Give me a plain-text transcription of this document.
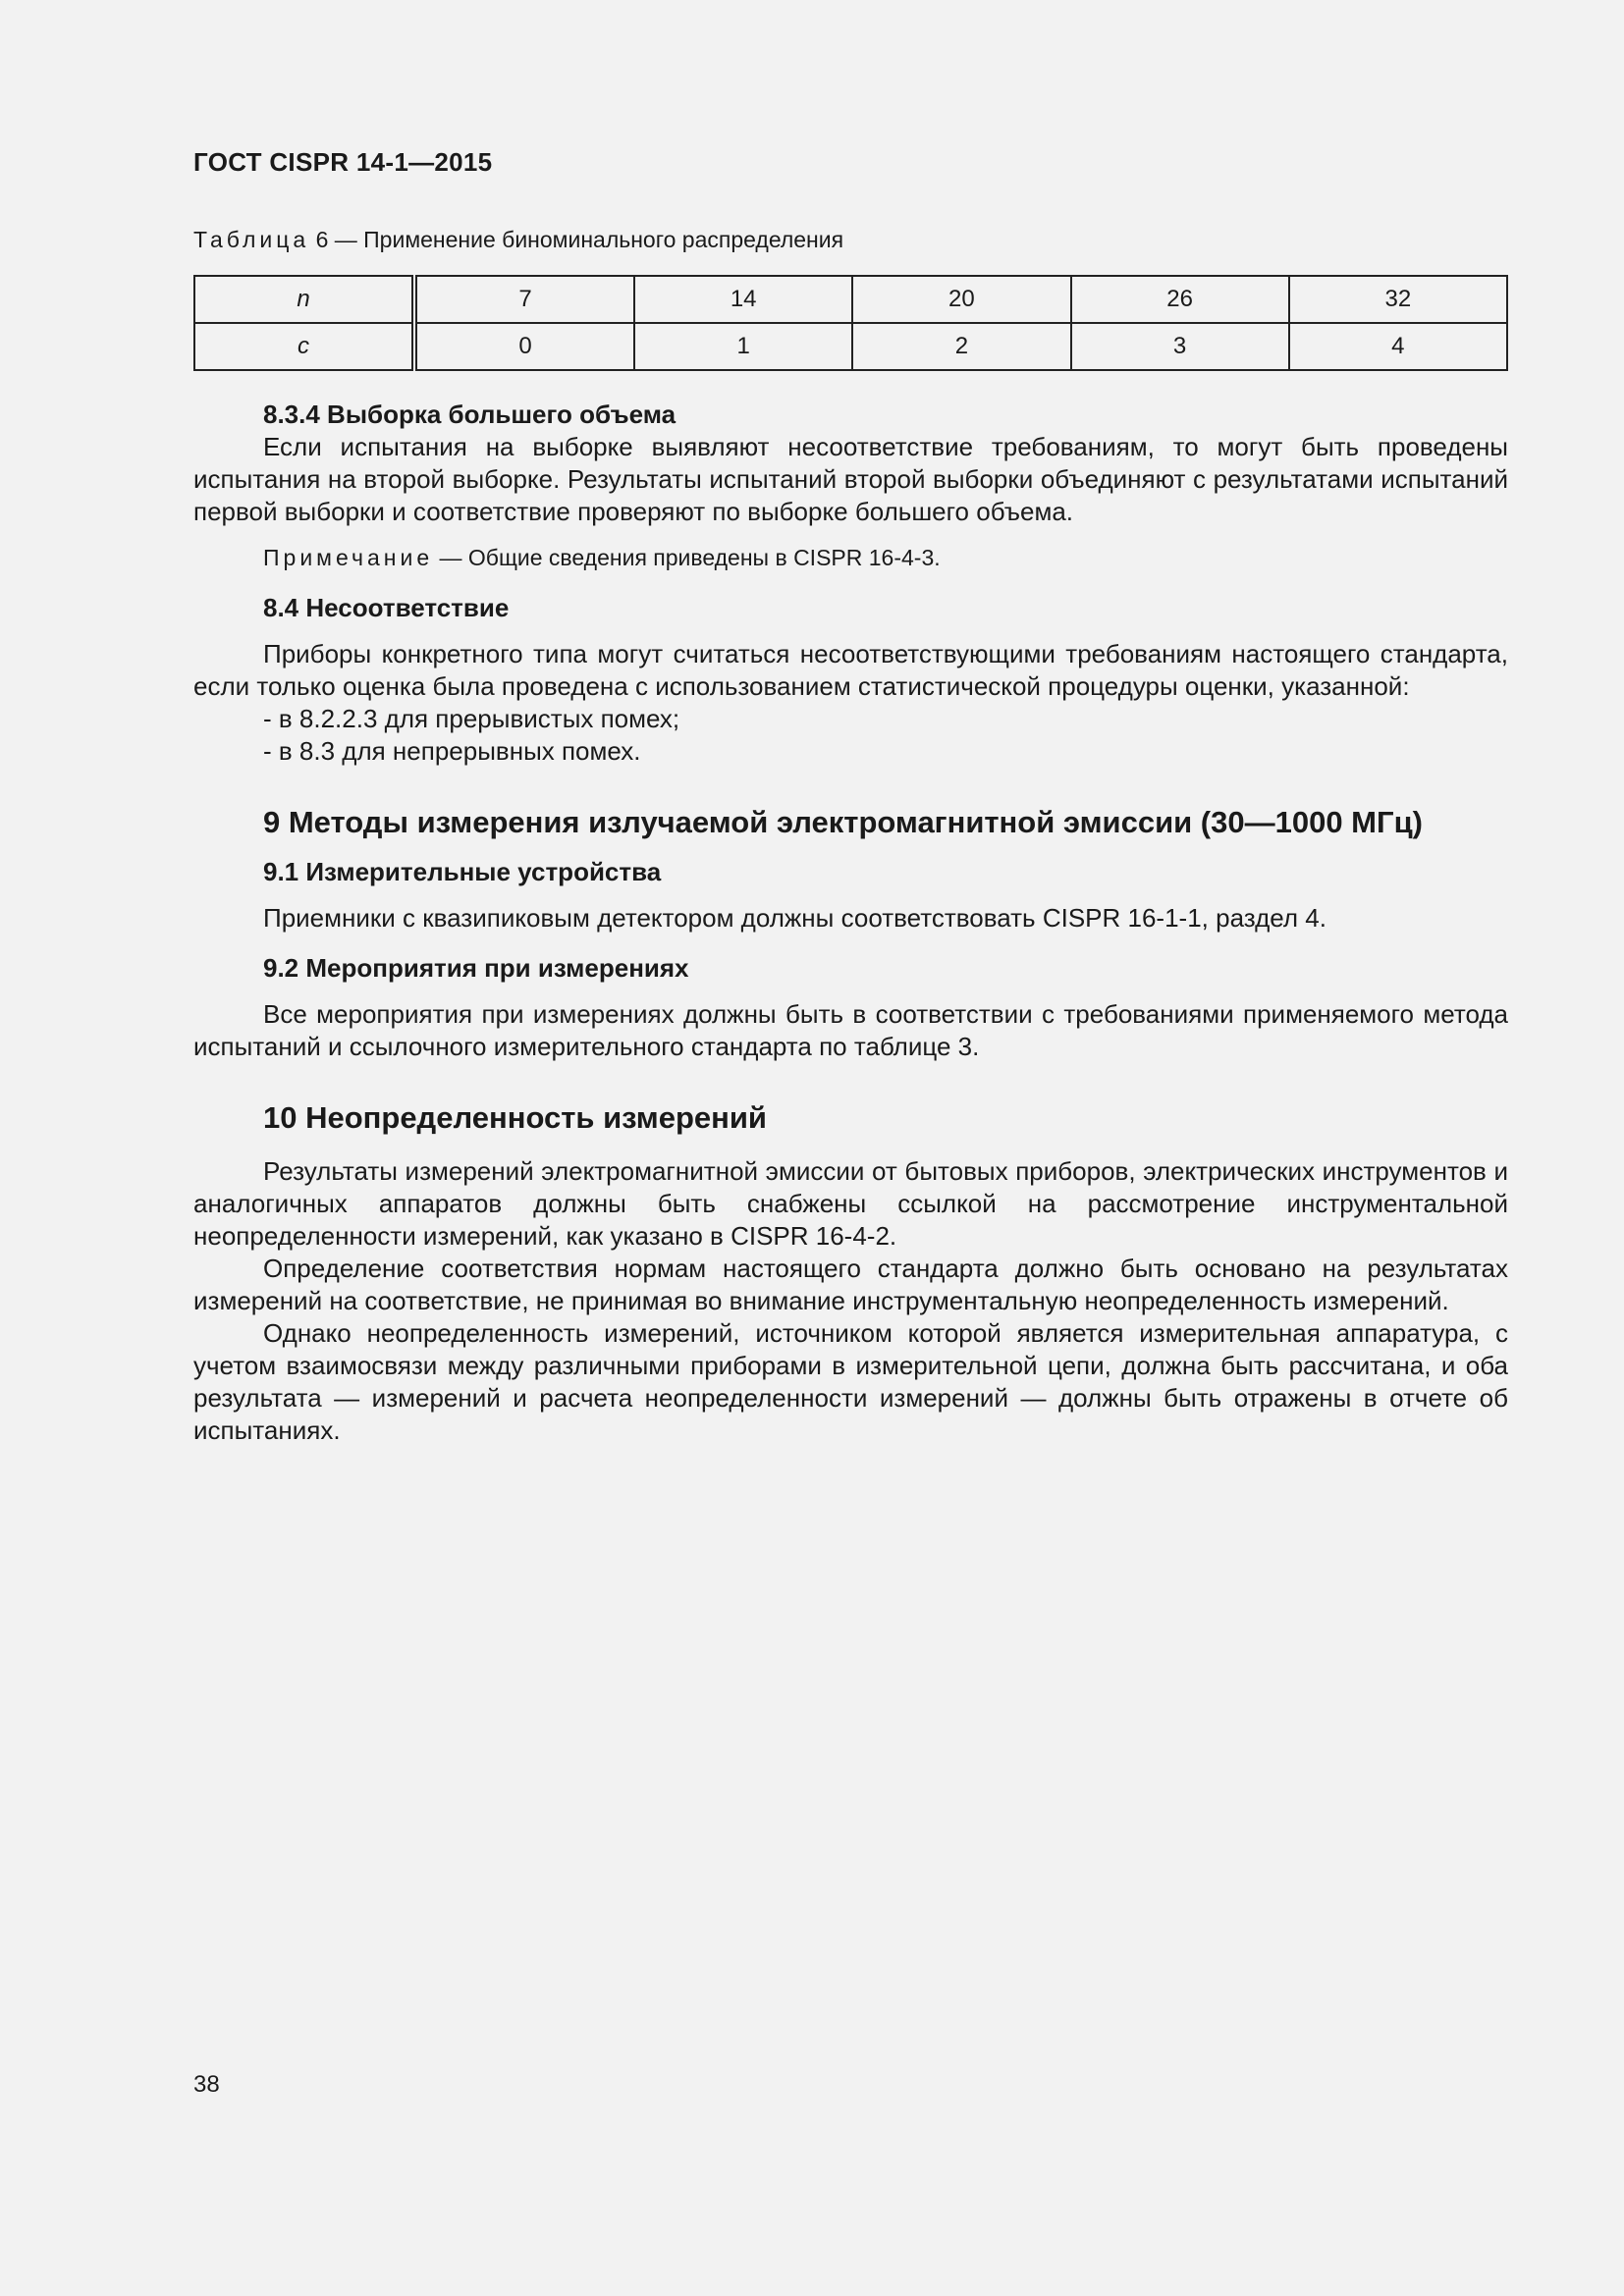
ГОСТ CISPR 14-1—2015
Таблица 6 — Применение биноминального распределения
n	7	14	20	26	32
c	0	1	2	3	4
8.3.4 Выборка большего объема

Если испытания на выборке выявляют несоответствие требованиям, то могут быть проведены испытания на второй выборке. Результаты испытаний второй выборки объединяют с результатами испытаний первой выборки и соответствие проверяют по выборке большего объема.

Примечание — Общие сведения приведены в CISPR 16-4-3.
8.4 Несоответствие

Приборы конкретного типа могут считаться несоответствующими требованиям настоящего стандарта, если только оценка была проведена с использованием статистической процедуры оценки, указанной:

- в 8.2.2.3 для прерывистых помех;
- в 8.3 для непрерывных помех.
9 Методы измерения излучаемой электромагнитной эмиссии (30—1000 МГц)
9.1 Измерительные устройства

Приемники с квазипиковым детектором должны соответствовать CISPR 16-1-1, раздел 4.

9.2 Мероприятия при измерениях

Все мероприятия при измерениях должны быть в соответствии с требованиями применяемого метода испытаний и ссылочного измерительного стандарта по таблице 3.

10 Неопределенность измерений

Результаты измерений электромагнитной эмиссии от бытовых приборов, электрических инструментов и аналогичных аппаратов должны быть снабжены ссылкой на рассмотрение инструментальной неопределенности измерений, как указано в CISPR 16-4-2.

Определение соответствия нормам настоящего стандарта должно быть основано на результатах измерений на соответствие, не принимая во внимание инструментальную неопределенность измерений.

Однако неопределенность измерений, источником которой является измерительная аппаратура, с учетом взаимосвязи между различными приборами в измерительной цепи, должна быть рассчитана, и оба результата — измерений и расчета неопределенности измерений — должны быть отражены в отчете об испытаниях.

38
